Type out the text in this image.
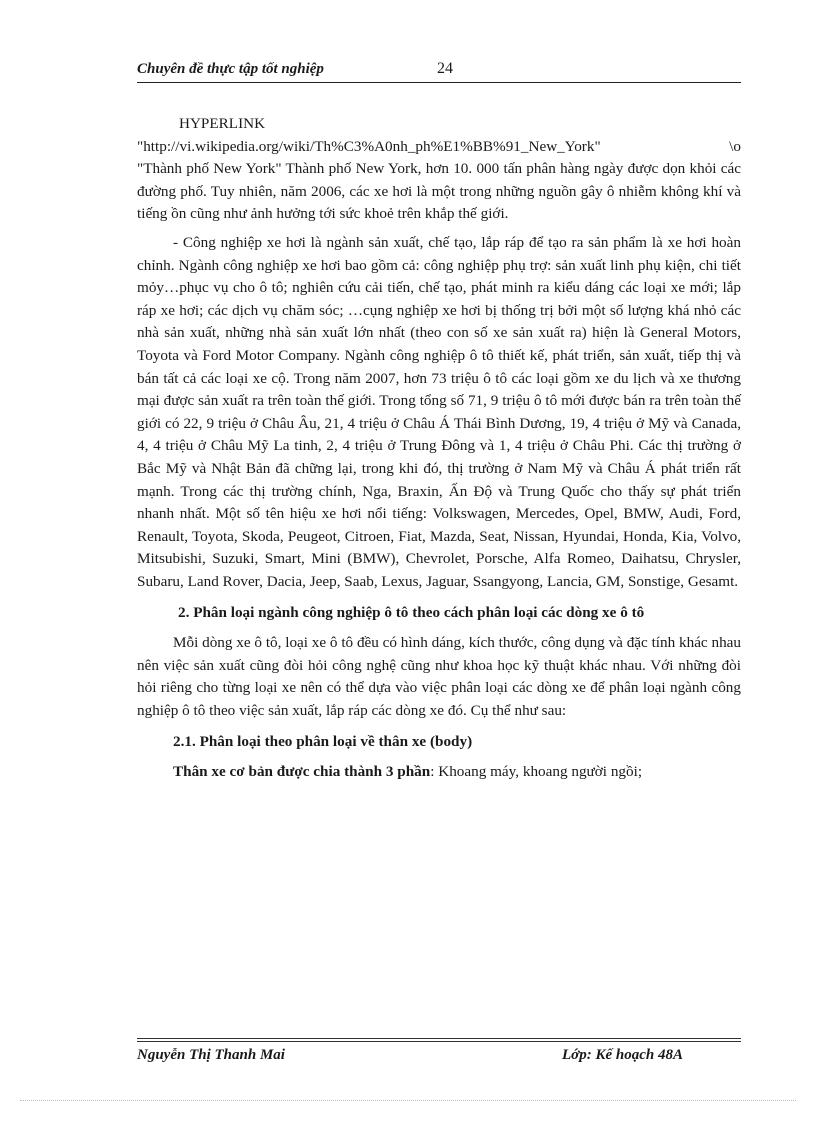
Chuyên đề thực tập tốt nghiệp	24

HYPERLINK

"http://vi.wikipedia.org/wiki/Th%C3%A0nh_ph%E1%BB%91_New_York"	\o

"Thành phố New York" Thành phố New York, hơn 10. 000 tấn phân hàng ngày được dọn khỏi các đường phố. Tuy nhiên, năm 2006, các xe hơi là một trong những nguồn gây ô nhiễm không khí và tiếng ồn cũng như ảnh hưởng tới sức khoẻ trên khắp thế giới.

- Công nghiệp xe hơi là ngành sản xuất, chế tạo, lắp ráp để tạo ra sản phẩm là xe hơi hoàn chỉnh. Ngành công nghiệp xe hơi bao gồm cả: công nghiệp phụ trợ: sản xuất linh phụ kiện, chi tiết mỏy…phục vụ cho ô tô; nghiên cứu cải tiến, chế tạo, phát minh ra kiểu dáng các loại xe mới; lắp ráp xe hơi; các dịch vụ chăm sóc; …cụng nghiệp xe hơi bị thống trị bởi một số lượng khá nhỏ các nhà sản xuất, những nhà sản xuất lớn nhất (theo con số xe sản xuất ra) hiện là General Motors, Toyota và Ford Motor Company. Ngành công nghiệp ô tô thiết kế, phát triển, sản xuất, tiếp thị và bán tất cả các loại xe cộ. Trong năm 2007, hơn 73 triệu ô tô các loại gồm xe du lịch và xe thương mại được sản xuất ra trên toàn thế giới. Trong tổng số 71, 9 triệu ô tô mới được bán ra trên toàn thế giới có 22, 9 triệu ở Châu Âu, 21, 4 triệu ở Châu Á Thái Bình Dương, 19, 4 triệu ở Mỹ và Canada, 4, 4 triệu ở Châu Mỹ La tinh, 2, 4 triệu ở Trung Đông và 1, 4 triệu ở Châu Phi. Các thị trường ở Bắc Mỹ và Nhật Bản đã chững lại, trong khi đó, thị trường ở Nam Mỹ và Châu Á phát triển rất mạnh. Trong các thị trường chính, Nga, Braxin, Ấn Độ và Trung Quốc cho thấy sự phát triển nhanh nhất. Một số tên hiệu xe hơi nổi tiếng: Volkswagen, Mercedes, Opel, BMW, Audi, Ford, Renault, Toyota, Skoda, Peugeot, Citroen, Fiat, Mazda, Seat, Nissan, Hyundai, Honda, Kia, Volvo, Mitsubishi, Suzuki, Smart, Mini (BMW), Chevrolet, Porsche, Alfa Romeo, Daihatsu, Chrysler, Subaru, Land Rover, Dacia, Jeep, Saab, Lexus, Jaguar, Ssangyong, Lancia, GM, Sonstige, Gesamt.

2. Phân loại ngành công nghiệp ô tô theo cách phân loại các dòng xe ô tô

Mỗi dòng xe ô tô, loại xe ô tô đều có hình dáng, kích thước, công dụng và đặc tính khác nhau nên việc sản xuất cũng đòi hỏi công nghệ cũng như khoa học kỹ thuật khác nhau. Với những đòi hỏi riêng cho từng loại xe nên có thể dựa vào việc phân loại các dòng xe để phân loại ngành công nghiệp ô tô theo việc sản xuất, lắp ráp các dòng xe đó. Cụ thể như sau:

2.1. Phân loại theo phân loại về thân xe (body)

Thân xe cơ bản được chia thành 3 phần: Khoang máy, khoang người ngồi;

Nguyễn Thị Thanh Mai	Lớp: Kế hoạch 48A
